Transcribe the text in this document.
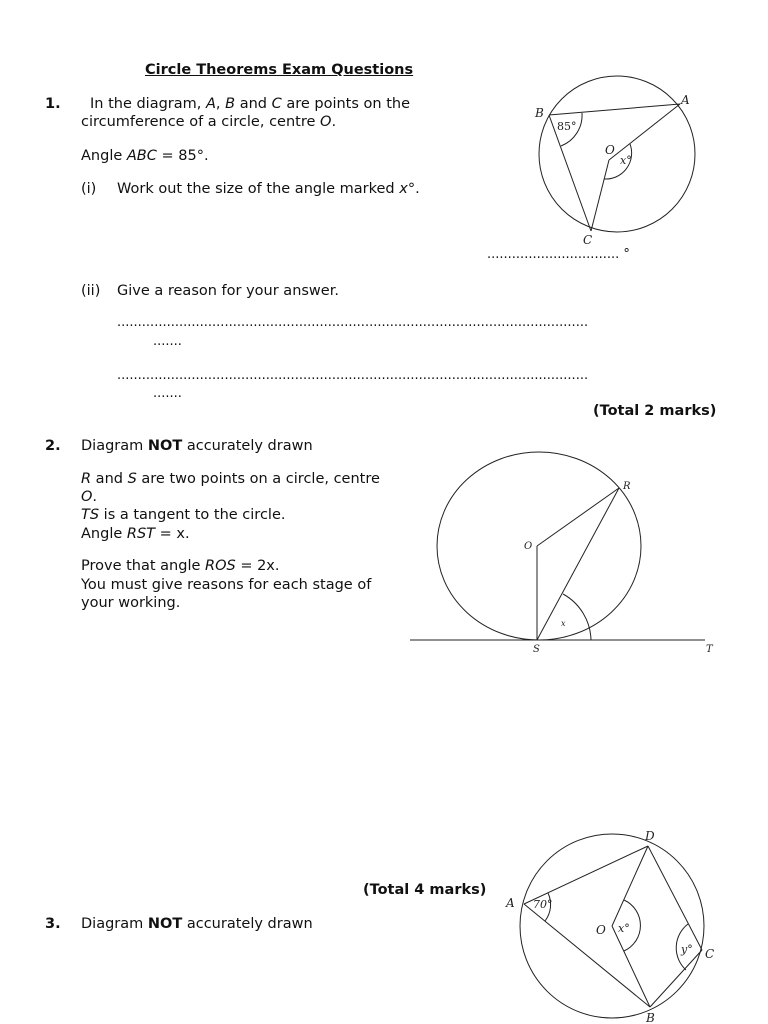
Circle Theorems Exam Questions
1. In the diagram, A, B and C are points on the
circumference of a circle, centre O.
Angle ABC = 85°.
(i) Work out the size of the angle marked x°.
B
A
C
O
85°
x°
................................ °
(ii) Give a reason for your answer.
..................................................................................................................
.......
..................................................................................................................
.......
(Total 2 marks)
2. Diagram NOT accurately drawn
R and S are two points on a circle, centre
O.
TS is a tangent to the circle.
Angle RST = x.
Prove that angle ROS = 2x.
You must give reasons for each stage of
your working.
O
R
S	T
x
(Total 4 marks)
3. Diagram NOT accurately drawn
A
D
C
B
O
70°
x°
y°
